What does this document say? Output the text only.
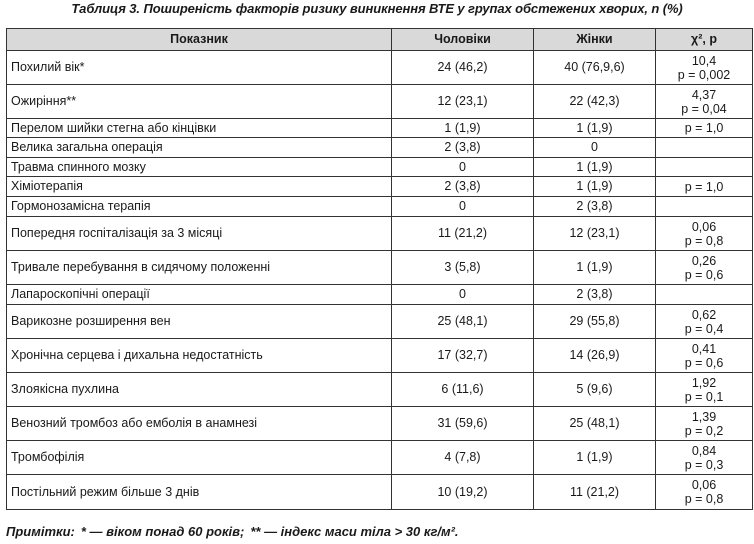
Таблиця 3. Поширеність факторів ризику виникнення ВТЕ у групах обстежених хворих, n (%)
Показник	Чоловіки	Жінки	χ², p
Похилий вік*	24 (46,2)	40 (76,9,6)	10,4
p = 0,002

Ожиріння**	12 (23,1)	22 (42,3)	4,37
p = 0,04

Перелом шийки стегна або кінцівки	1 (1,9)	1 (1,9)	p = 1,0

Велика загальна операція	2 (3,8)	0	

Травма спинного мозку	0	1 (1,9)	

Хіміотерапія	2 (3,8)	1 (1,9)	p = 1,0

Гормонозамісна терапія	0	2 (3,8)	

Попередня госпіталізація за 3 місяці	11 (21,2)	12 (23,1)	0,06
p = 0,8

Тривале перебування в сидячому положенні	3 (5,8)	1 (1,9)	0,26
p = 0,6

Лапароскопічні операції	0	2 (3,8)	

Варикозне розширення вен	25 (48,1)	29 (55,8)	0,62
p = 0,4

Хронічна серцева і дихальна недостатність	17 (32,7)	14 (26,9)	0,41
p = 0,6

Злоякісна пухлина	6 (11,6)	5 (9,6)	1,92
p = 0,1

Венозний тромбоз або емболія в анамнезі	31 (59,6)	25 (48,1)	1,39
p = 0,2

Тромбофілія	4 (7,8)	1 (1,9)	0,84
p = 0,3

Постільний режим більше 3 днів	10 (19,2)	11 (21,2)	0,06
p = 0,8
Примітки: * — віком понад 60 років; ** — індекс маси тіла > 30 кг/м².
